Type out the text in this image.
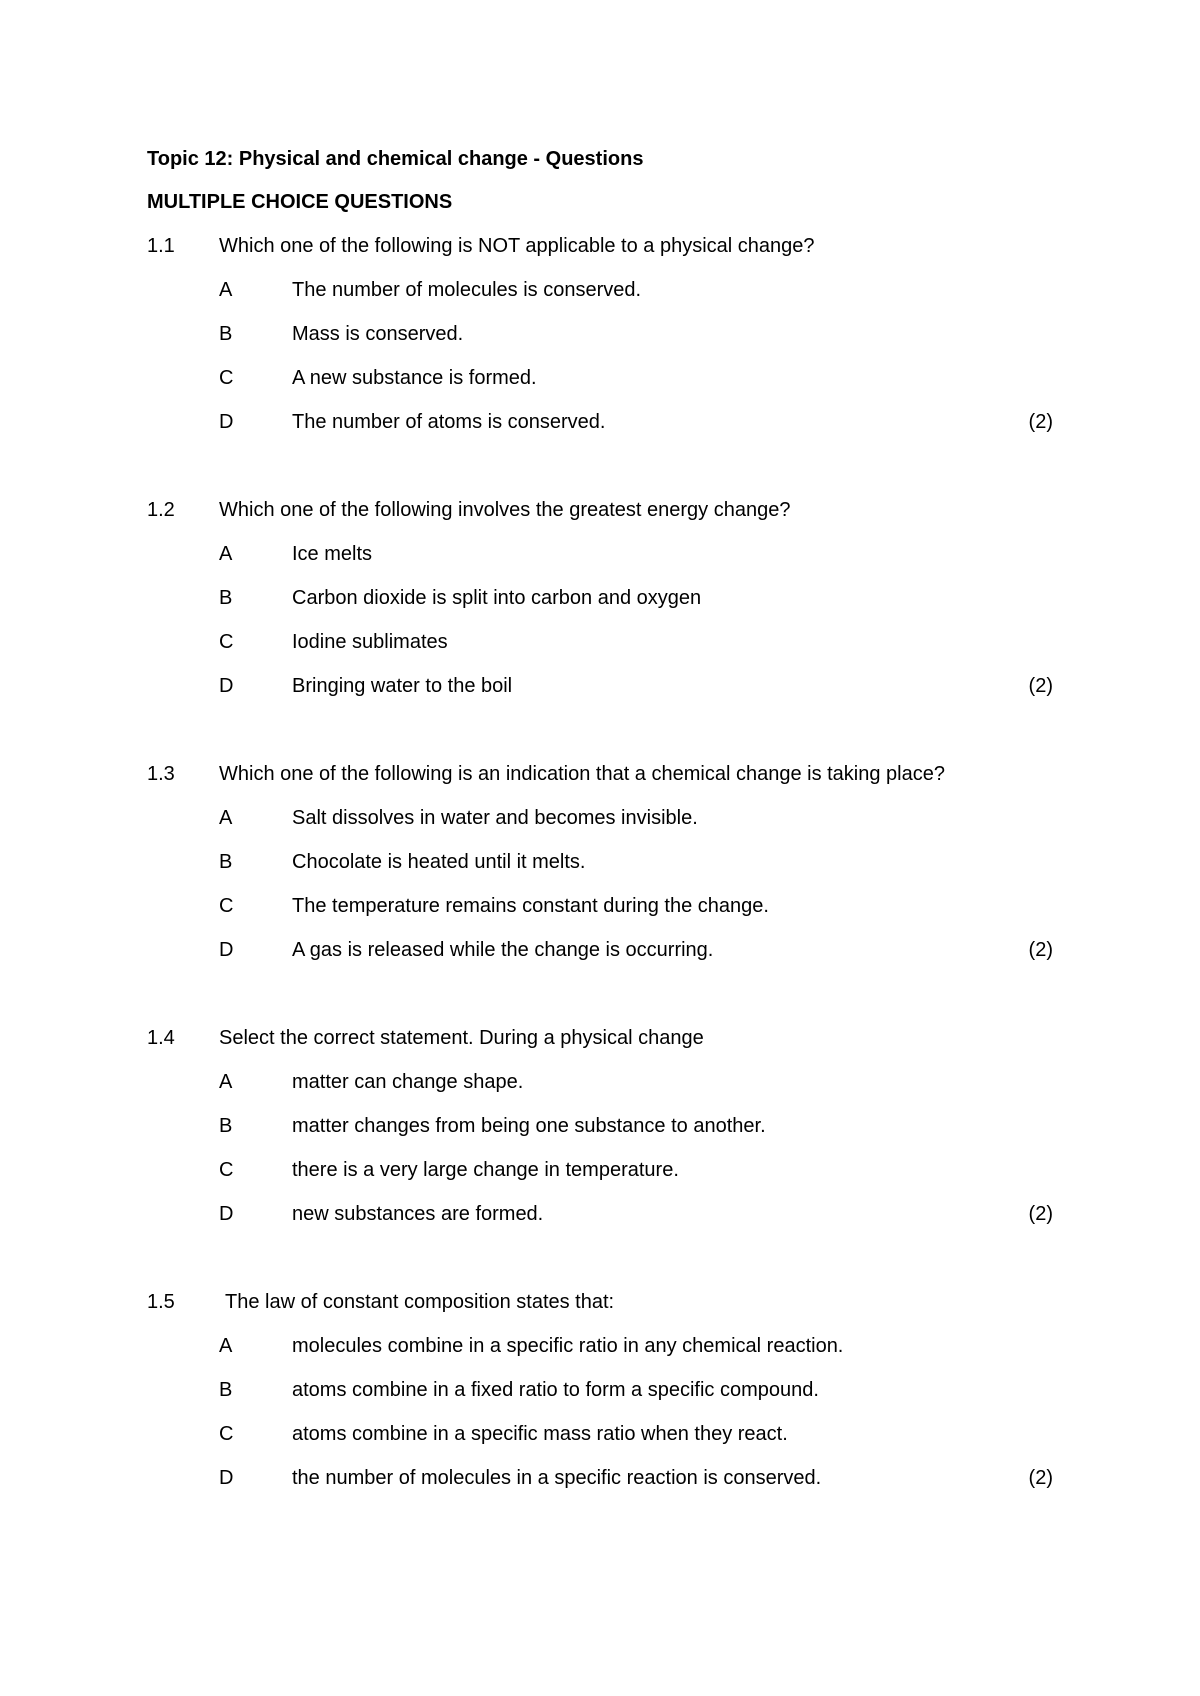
Topic 12: Physical and chemical change - Questions
MULTIPLE CHOICE QUESTIONS
1.1 Which one of the following is NOT applicable to a physical change?
A	The number of molecules is conserved.
B	Mass is conserved.
C	A new substance is formed.
D	The number of atoms is conserved.	(2)
1.2 Which one of the following involves the greatest energy change?
A	Ice melts
B	Carbon dioxide is split into carbon and oxygen
C	Iodine sublimates
D	Bringing water to the boil	(2)
1.3 Which one of the following is an indication that a chemical change is taking place?
A	Salt dissolves in water and becomes invisible.
B	Chocolate is heated until it melts.
C	The temperature remains constant during the change.
D	A gas is released while the change is occurring.	(2)
1.4 Select the correct statement. During a physical change
A	matter can change shape.
B	matter changes from being one substance to another.
C	there is a very large change in temperature.
D	new substances are formed.	(2)
1.5	The law of constant composition states that:
A	molecules combine in a specific ratio in any chemical reaction.
B	atoms combine in a fixed ratio to form a specific compound.
C	atoms combine in a specific mass ratio when they react.
D	the number of molecules in a specific reaction is conserved.	(2)
